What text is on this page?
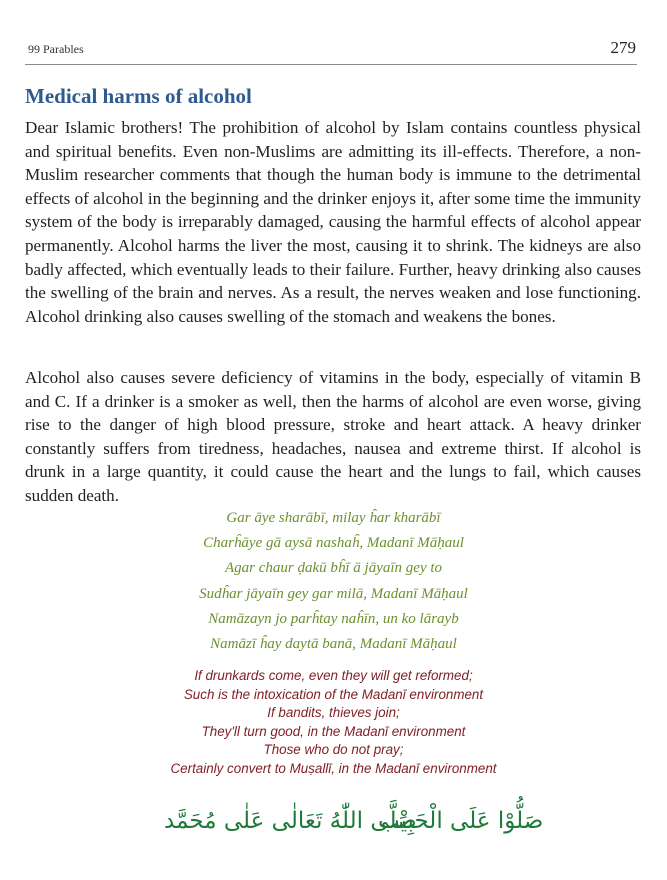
99 Parables	279
Medical harms of alcohol

Dear Islamic brothers! The prohibition of alcohol by Islam contains countless physical and spiritual benefits. Even non-Muslims are admitting its ill-effects. Therefore, a non-Muslim researcher comments that though the human body is immune to the detrimental effects of alcohol in the beginning and the drinker enjoys it, after some time the immunity system of the body is irreparably damaged, causing the harmful effects of alcohol appear permanently. Alcohol harms the liver the most, causing it to shrink. The kidneys are also badly affected, which eventually leads to their failure. Further, heavy drinking also causes the swelling of the brain and nerves. As a result, the nerves weaken and lose functioning. Alcohol drinking also causes swelling of the stomach and weakens the bones.

Alcohol also causes severe deficiency of vitamins in the body, especially of vitamin B and C. If a drinker is a smoker as well, then the harms of alcohol are even worse, giving rise to the danger of high blood pressure, stroke and heart attack. A heavy drinker constantly suffers from tiredness, headaches, nausea and extreme thirst. If alcohol is drunk in a large quantity, it could cause the heart and the lungs to fail, which causes sudden death.

Gar āye sharābī, milay ĥar kharābī
Charĥāye gā aysā nashaĥ, Madanī Māḥaul
Agar chaur ḍakū bĥī ā jāyaīn gey to
Sudĥar jāyaīn gey gar milā, Madanī Māḥaul
Namāzayn jo parĥtay naĥīn, un ko lārayb
Namāzī ĥay daytā banā, Madanī Māḥaul
If drunkards come, even they will get reformed;
Such is the intoxication of the Madanī environment
If bandits, thieves join;
They'll turn good, in the Madanī environment
Those who do not pray;
Certainly convert to Muṣallī, in the Madanī environment
صَلُّوْا عَلَى الْحَبِيْب
صَلَّى اللّٰهُ تَعَالٰى عَلٰى مُحَمَّد
